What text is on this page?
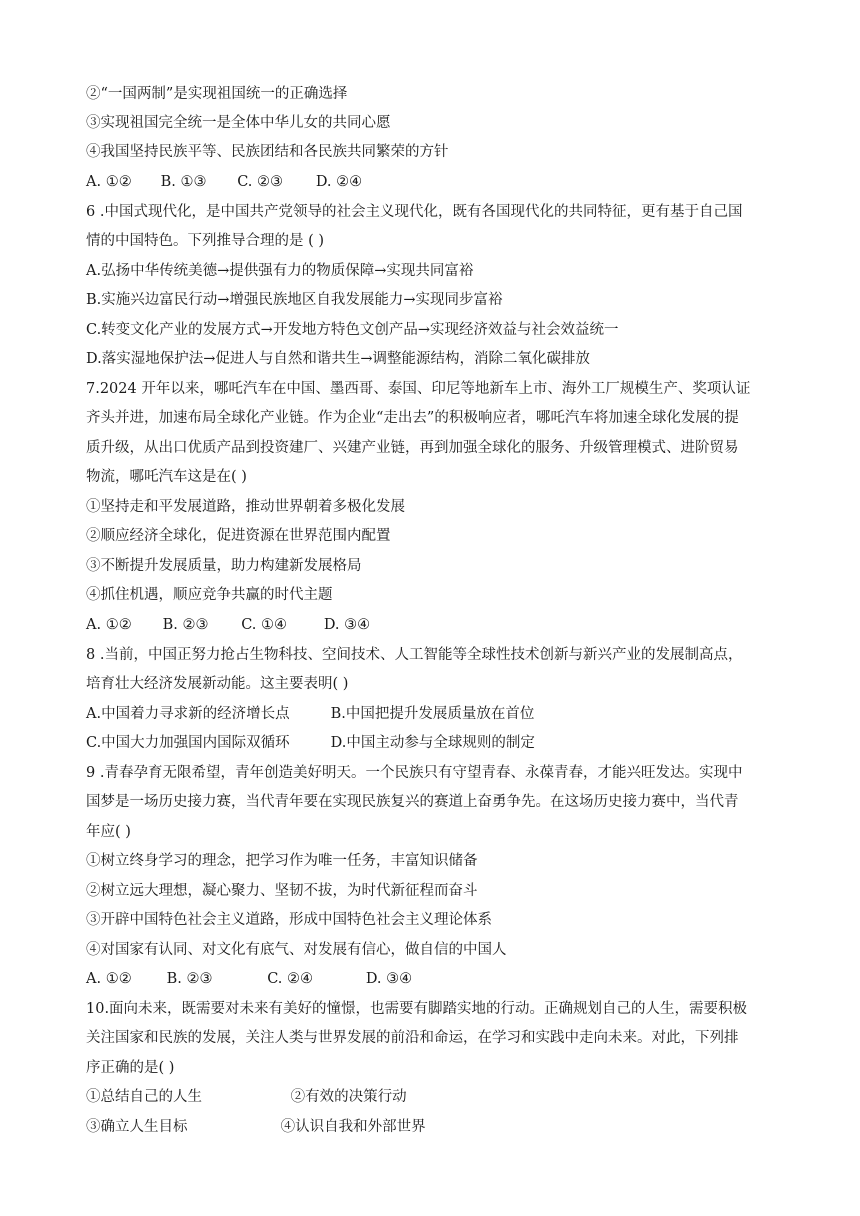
②“一国两制”是实现祖国统一的正确选择
③实现祖国完全统一是全体中华儿女的共同心愿
④我国坚持民族平等、民族团结和各民族共同繁荣的方针
A. ①② B. ①③ C. ②③ D. ②④
6 .中国式现代化，是中国共产党领导的社会主义现代化，既有各国现代化的共同特征，更有基于自己国
情的中国特色。下列推导合理的是 ( )
A.弘扬中华传统美德→提供强有力的物质保障→实现共同富裕
B.实施兴边富民行动→增强民族地区自我发展能力→实现同步富裕
C.转变文化产业的发展方式→开发地方特色文创产品→实现经济效益与社会效益统一
D.落实湿地保护法→促进人与自然和谐共生→调整能源结构，消除二氧化碳排放
7.2024 开年以来，哪吒汽车在中国、墨西哥、泰国、印尼等地新车上市、海外工厂规模生产、奖项认证
齐头并进，加速布局全球化产业链。作为企业“走出去”的积极响应者，哪吒汽车将加速全球化发展的提
质升级，从出口优质产品到投资建厂、兴建产业链，再到加强全球化的服务、升级管理模式、进阶贸易
物流，哪吒汽车这是在( )
①坚持走和平发展道路，推动世界朝着多极化发展
②顺应经济全球化，促进资源在世界范围内配置
③不断提升发展质量，助力构建新发展格局
④抓住机遇，顺应竞争共赢的时代主题
A. ①② B. ②③ C. ①④	D. ③④
8 .当前，中国正努力抢占生物科技、空间技术、人工智能等全球性技术创新与新兴产业的发展制高点，
培育壮大经济发展新动能。这主要表明( )
A.中国着力寻求新的经济增长点	B.中国把提升发展质量放在首位
C.中国大力加强国内国际双循环	D.中国主动参与全球规则的制定
9 .青春孕育无限希望，青年创造美好明天。一个民族只有守望青春、永葆青春，才能兴旺发达。实现中
国梦是一场历史接力赛，当代青年要在实现民族复兴的赛道上奋勇争先。在这场历史接力赛中，当代青
年应( )
①树立终身学习的理念，把学习作为唯一任务，丰富知识储备
②树立远大理想，凝心聚力、坚韧不拔，为时代新征程而奋斗
③开辟中国特色社会主义道路，形成中国特色社会主义理论体系
④对国家有认同、对文化有底气、对发展有信心，做自信的中国人
A. ①② B. ②③	C. ②④	D. ③④
10.面向未来，既需要对未来有美好的憧憬，也需要有脚踏实地的行动。正确规划自己的人生，需要积极
关注国家和民族的发展，关注人类与世界发展的前沿和命运，在学习和实践中走向未来。对此，下列排
序正确的是( )
①总结自己的人生	②有效的决策行动
③确立人生目标	④认识自我和外部世界
